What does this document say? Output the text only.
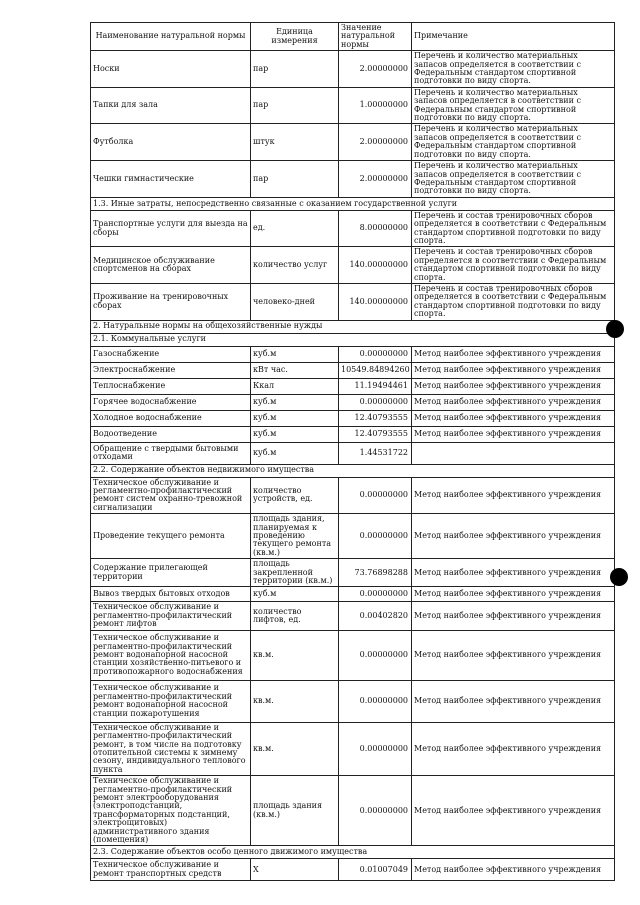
Наименование натуральной нормы	Единица измерения	Значение натуральной нормы	Примечание
Носки	пар	2.00000000	Перечень и количество материальных запасов определяется в соответствии с Федеральным стандартом спортивной подготовки по виду спорта.
Тапки для зала	пар	1.00000000	Перечень и количество материальных запасов определяется в соответствии с Федеральным стандартом спортивной подготовки по виду спорта.
Футболка	штук	2.00000000	Перечень и количество материальных запасов определяется в соответствии с Федеральным стандартом спортивной подготовки по виду спорта.
Чешки гимнастические	пар	2.00000000	Перечень и количество материальных запасов определяется в соответствии с Федеральным стандартом спортивной подготовки по виду спорта.
1.3. Иные затраты, непосредственно связанные с оказанием государственной услуги			
Транспортные услуги для выезда на сборы	ед.	8.00000000	Перечень и состав тренировочных сборов определяется в соответствии с Федеральным стандартом спортивной подготовки по виду спорта.
Медицинское обслуживание спортсменов на сборах	количество услуг	140.00000000	Перечень и состав тренировочных сборов определяется в соответствии с Федеральным стандартом спортивной подготовки по виду спорта.
Проживание на тренировочных сборах	человеко-дней	140.00000000	Перечень и состав тренировочных сборов определяется в соответствии с Федеральным стандартом спортивной подготовки по виду спорта.
2. Натуральные нормы на общехозяйственные нужды			
2.1. Коммунальные услуги			
Газоснабжение	куб.м	0.00000000	Метод наиболее эффективного учреждения
Электроснабжение	кВт час.	10549.84894260	Метод наиболее эффективного учреждения
Теплоснабжение	Ккал	11.19494461	Метод наиболее эффективного учреждения
Горячее водоснабжение	куб.м	0.00000000	Метод наиболее эффективного учреждения
Холодное водоснабжение	куб.м	12.40793555	Метод наиболее эффективного учреждения
Водоотведение	куб.м	12.40793555	Метод наиболее эффективного учреждения
Обращение с твердыми бытовыми отходами	куб.м	1.44531722	
2.2. Содержание объектов недвижимого имущества			
Техническое обслуживание и регламентно-профилактический ремонт систем охранно-тревожной сигнализации	количество устройств, ед.	0.00000000	Метод наиболее эффективного учреждения
Проведение текущего ремонта	площадь здания, планируемая к проведению текущего ремонта (кв.м.)	0.00000000	Метод наиболее эффективного учреждения
Содержание прилегающей территории	площадь закрепленной территории (кв.м.)	73.76898288	Метод наиболее эффективного учреждения
Вывоз твердых бытовых отходов	куб.м	0.00000000	Метод наиболее эффективного учреждения
Техническое обслуживание и регламентно-профилактический ремонт лифтов	количество лифтов, ед.	0.00402820	Метод наиболее эффективного учреждения
Техническое обслуживание и регламентно-профилактический ремонт водонапорной насосной станции хозяйственно-питьевого и противопожарного водоснабжения	кв.м.	0.00000000	Метод наиболее эффективного учреждения
Техническое обслуживание и регламентно-профилактический ремонт водонапорной насосной станции пожаротушения	кв.м.	0.00000000	Метод наиболее эффективного учреждения
Техническое обслуживание и регламентно-профилактический ремонт, в том числе на подготовку отопительной системы к зимнему сезону, индивидуального теплового пункта	кв.м.	0.00000000	Метод наиболее эффективного учреждения
Техническое обслуживание и регламентно-профилактический ремонт электрооборудования (электроподстанций, трансформаторных подстанций, электрощитовых) административного здания (помещения)	площадь здания (кв.м.)	0.00000000	Метод наиболее эффективного учреждения
2.3. Содержание объектов особо ценного движимого имущества			
Техническое обслуживание и ремонт транспортных средств	Х	0.01007049	Метод наиболее эффективного учреждения
